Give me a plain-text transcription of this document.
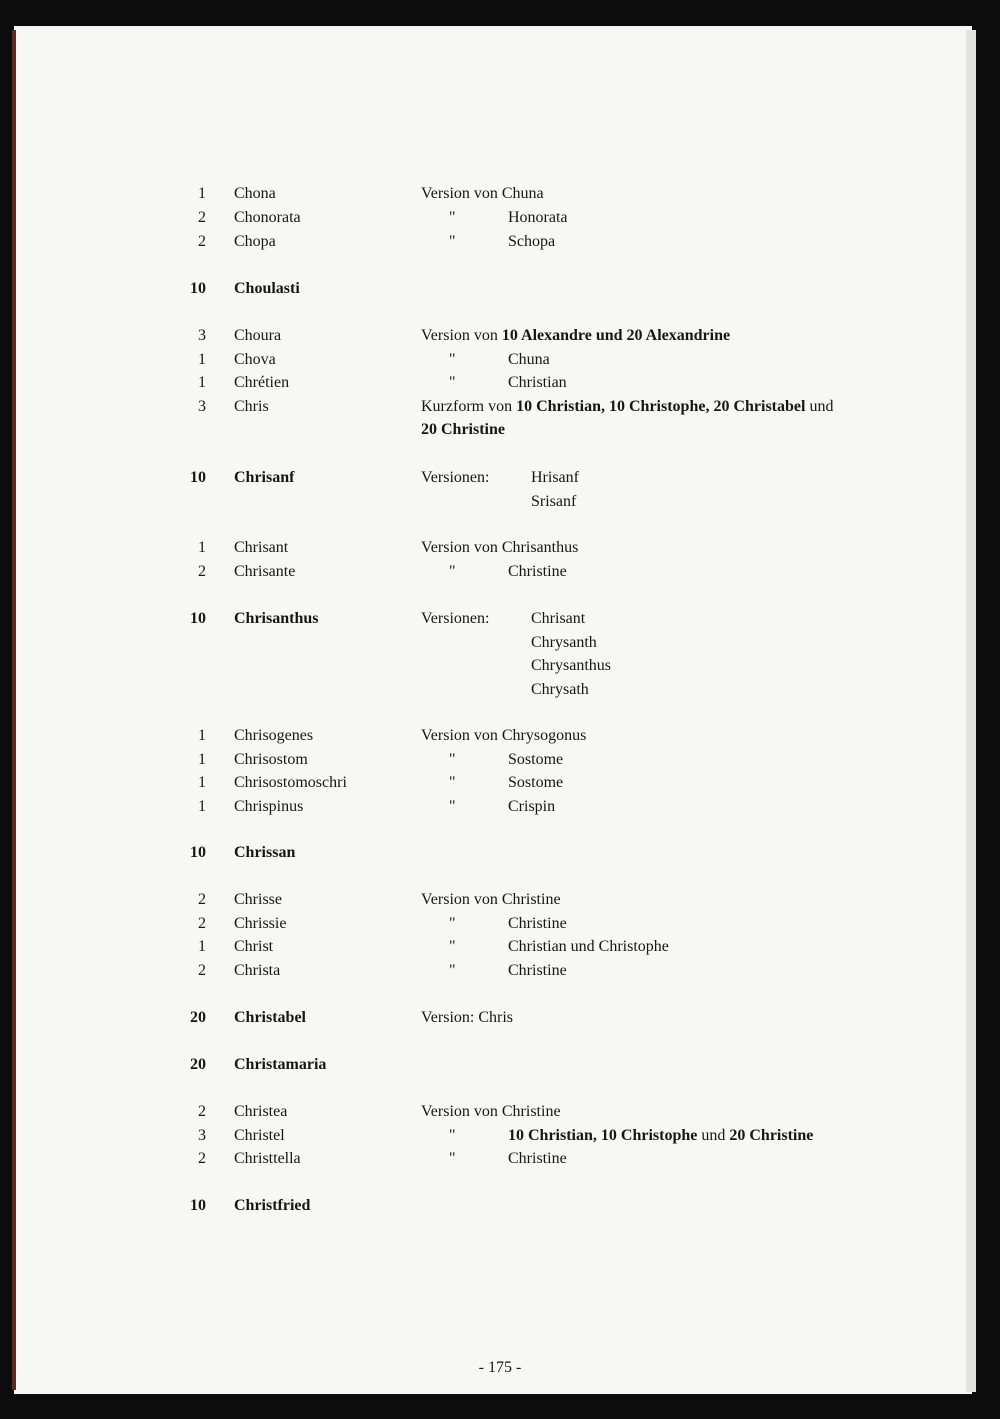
1 Chona	Version von Chuna
2 Chonorata	"	Honorata
2 Chopa	"	Schopa
10 Choulasti
3 Choura	Version von 10 Alexandre und 20 Alexandrine
1 Chova	"	Chuna
1 Chrétien	"	Christian
3 Chris	Kurzform von 10 Christian, 10 Christophe, 20 Christabel und
20 Christine
10 Chrisanf	Versionen:	Hrisanf
Srisanf
1 Chrisant	Version von Chrisanthus
2 Chrisante	"	Christine
10 Chrisanthus	Versionen:	Chrisant
Chrysanth
Chrysanthus
Chrysath
1 Chrisogenes	Version von Chrysogonus
1 Chrisostom	"	Sostome
1 Chrisostomoschri	"	Sostome
1 Chrispinus	"	Crispin
10 Chrissan
2 Chrisse	Version von Christine
2 Chrissie	"	Christine
1 Christ	"	Christian und Christophe
2 Christa	"	Christine
20 Christabel	Version: Chris
20 Christamaria
2 Christea	Version von Christine
3 Christel	"	10 Christian, 10 Christophe und 20 Christine
2 Christtella	"	Christine
10 Christfried
- 175 -
